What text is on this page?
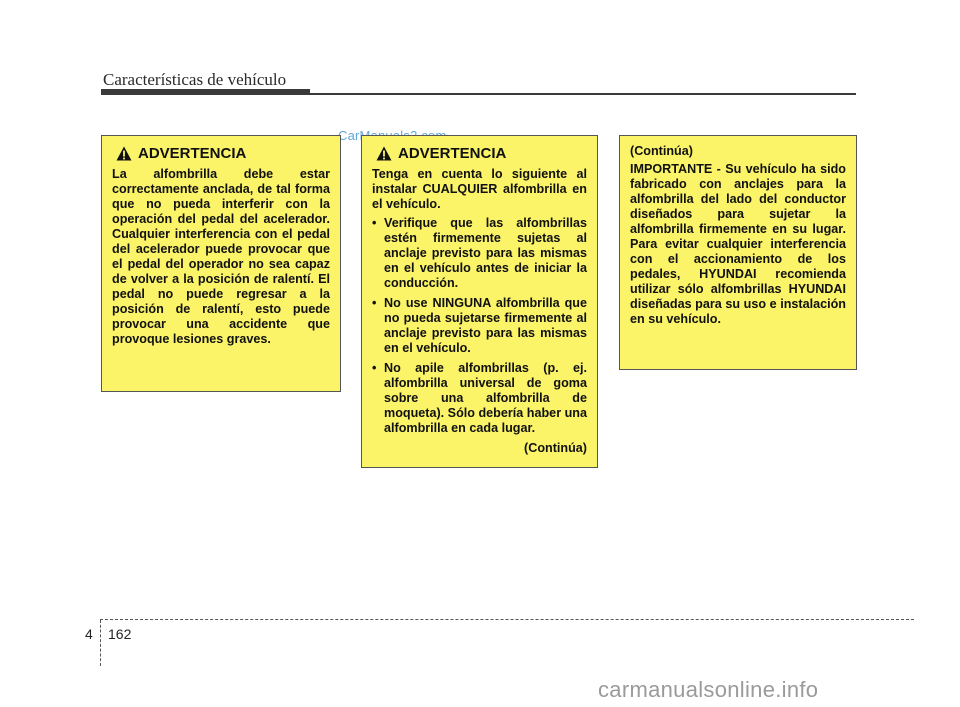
Características de vehículo
ADVERTENCIA

La alfombrilla debe estar correctamente anclada, de tal forma que no pueda interferir con la operación del pedal del acelerador. Cualquier interferencia con el pedal del acelerador puede provocar que el pedal del operador no sea capaz de volver a la posición de ralentí. El pedal no puede regresar a la posición de ralentí, esto puede provocar una accidente que provoque lesiones graves.

ADVERTENCIA

Tenga en cuenta lo siguiente al instalar CUALQUIER alfombrilla en el vehículo.

• Verifique que las alfombrillas estén firmemente sujetas al anclaje previsto para las mismas en el vehículo antes de iniciar la conducción.
• No use NINGUNA alfombrilla que no pueda sujetarse firmemente al anclaje previsto para las mismas en el vehículo.
• No apile alfombrillas (p. ej. alfombrilla universal de goma sobre una alfombrilla de moqueta). Sólo debería haber una alfombrilla en cada lugar.
(Continúa)

(Continúa)

IMPORTANTE - Su vehículo ha sido fabricado con anclajes para la alfombrilla del lado del conductor diseñados para sujetar la alfombrilla firmemente en su lugar. Para evitar cualquier interferencia con el accionamiento de los pedales, HYUNDAI recomienda utilizar sólo alfombrillas HYUNDAI diseñadas para su uso e instalación en su vehículo.

4 162
carmanualsonline.info
